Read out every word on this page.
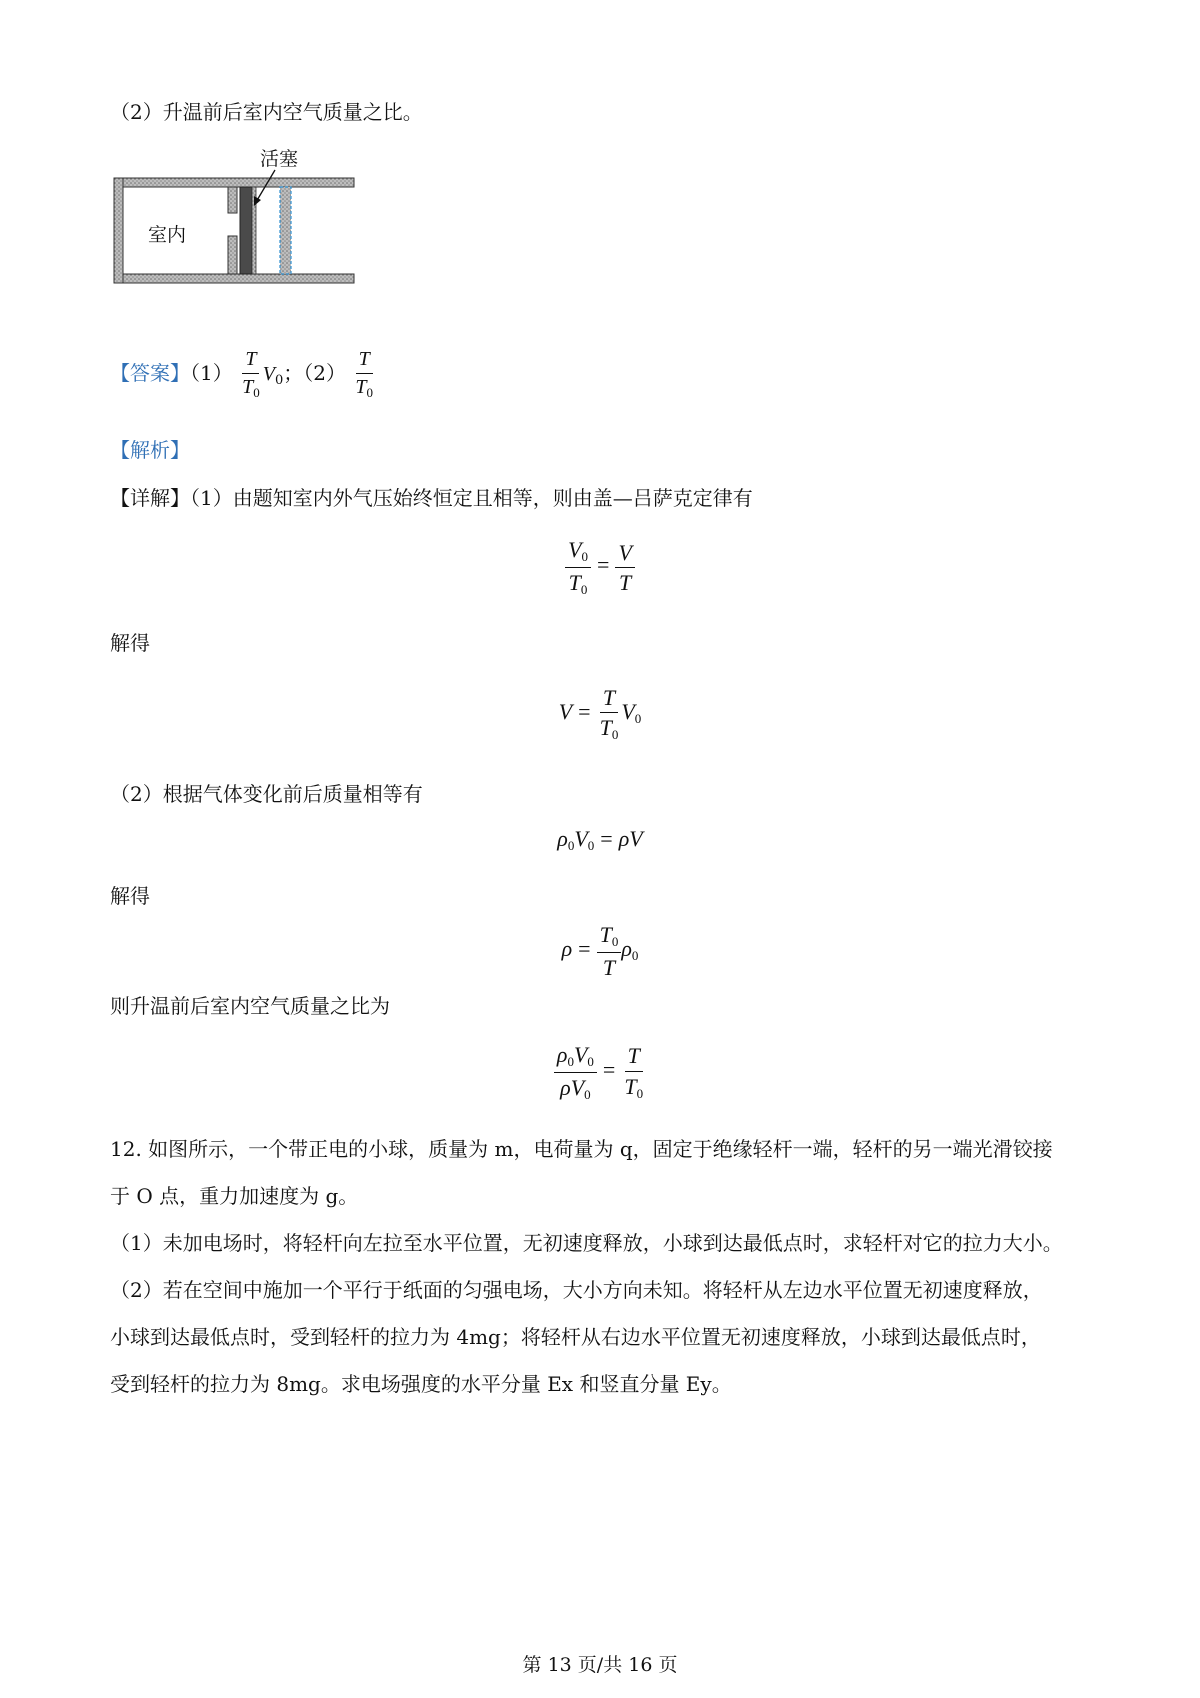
（2）升温前后室内空气质量之比。
活塞
室内
【答案】$(1) \frac{T}{T_0} V_0$；$(2) \frac{T}{T_0}$
【解析】
【详解】（1）由题知室内外气压始终恒定且相等，则由盖—吕萨克定律有
$\frac{V_0}{T_0} = \frac{V}{T}$
解得
$V = \frac{T}{T_0} V_0$
（2）根据气体变化前后质量相等有
$\rho_0V_0 = \rho V$
解得
$\rho = \frac{T_0}{T} \rho_0$
则升温前后室内空气质量之比为
$\frac{\rho_0V_0}{\rho V_0} = \frac{T}{T_0}$
12. 如图所示，一个带正电的小球，质量为 m，电荷量为 q，固定于绝缘轻杆一端，轻杆的另一端光滑铰接
于 O 点，重力加速度为 g。
（1）未加电场时，将轻杆向左拉至水平位置，无初速度释放，小球到达最低点时，求轻杆对它的拉力大小。
（2）若在空间中施加一个平行于纸面的匀强电场，大小方向未知。将轻杆从左边水平位置无初速度释放，
小球到达最低点时，受到轻杆的拉力为 4mg；将轻杆从右边水平位置无初速度释放，小球到达最低点时，
受到轻杆的拉力为 8mg。求电场强度的水平分量 Ex 和竖直分量 Ey。
第 13 页/共 16 页
